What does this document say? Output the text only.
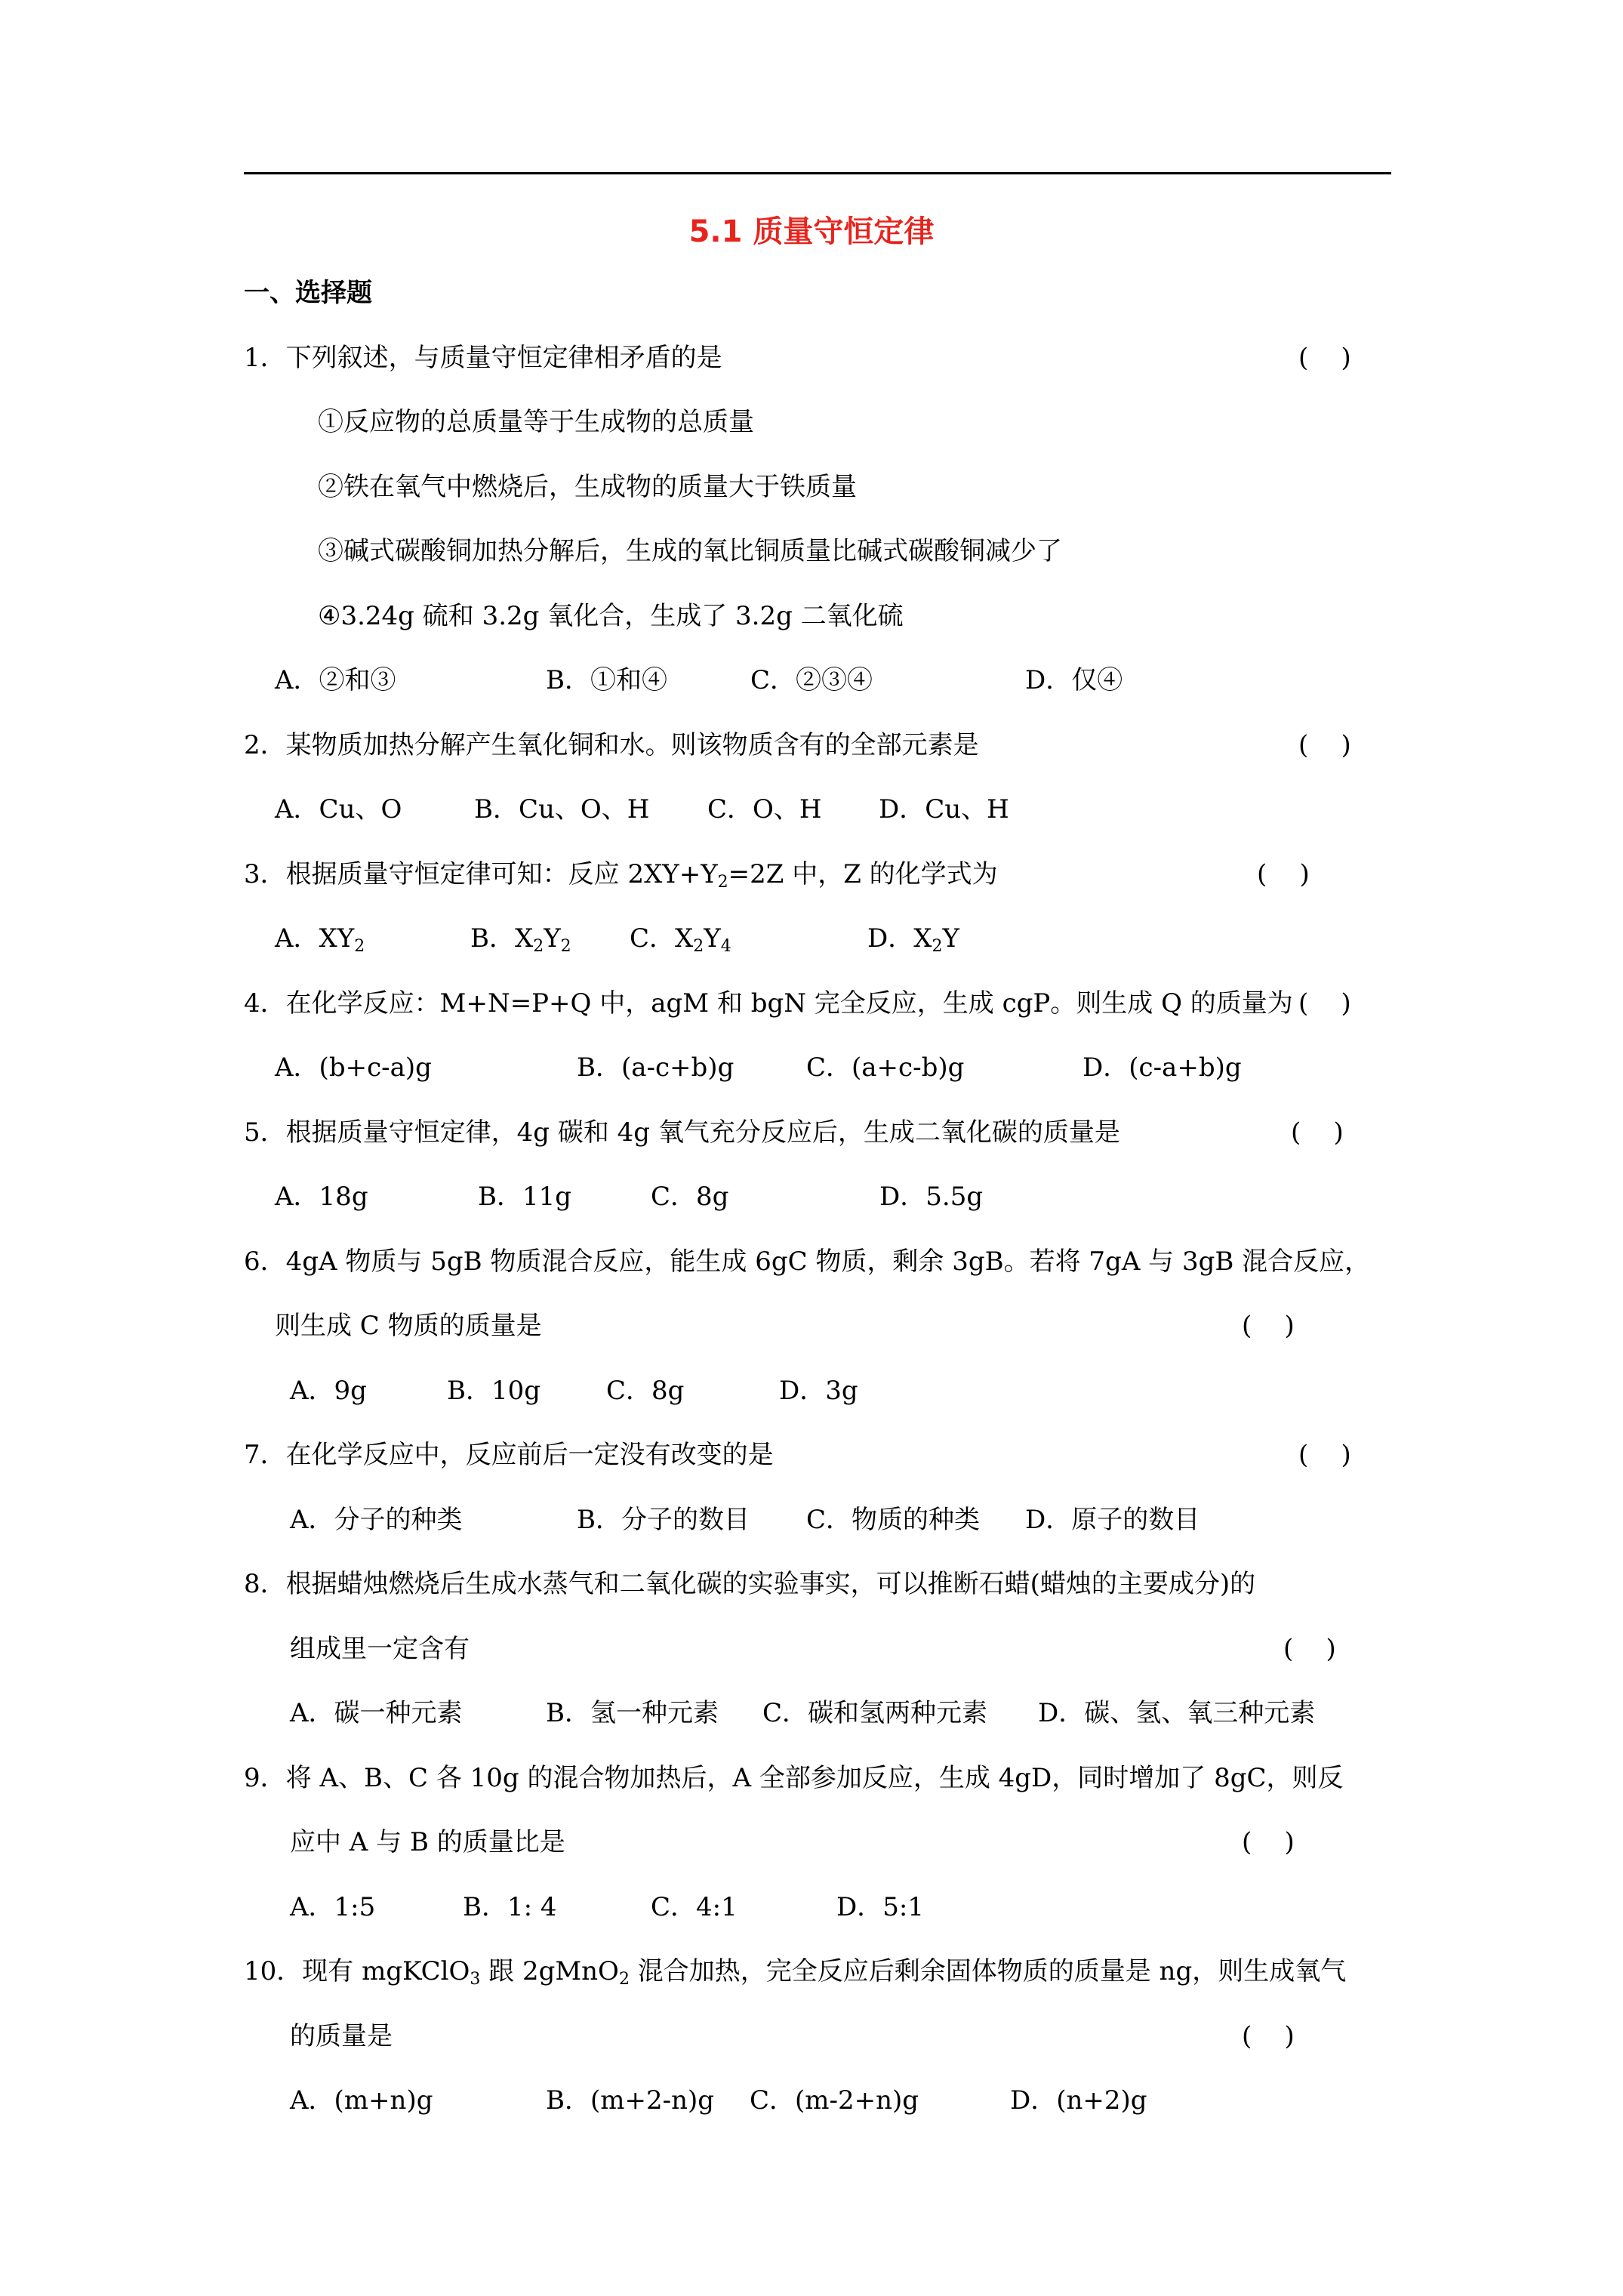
5.1 质量守恒定律
一、选择题
1．下列叙述，与质量守恒定律相矛盾的是	(    )
①反应物的总质量等于生成物的总质量
②铁在氧气中燃烧后，生成物的质量大于铁质量
③碱式碳酸铜加热分解后，生成的氧比铜质量比碱式碳酸铜减少了
④3.24g 硫和 3.2g 氧化合，生成了 3.2g 二氧化硫
A．②和③	B．①和④	C．②③④	D．仅④
2．某物质加热分解产生氧化铜和水。则该物质含有的全部元素是	(    )
A．Cu、O	B．Cu、O、H C．O、H D．Cu、H
3．根据质量守恒定律可知：反应 $2XY+Y_2=2Z$ 中，Z 的化学式为	(    )
A．$XY_2$	B．$X_2Y_2$ C．$X_2Y_4$	D．$X_2Y$
4．在化学反应：M+N=P+Q 中，agM 和 bgN 完全反应，生成 cgP。则生成 Q 的质量为 (    )
A．(b+c-a)g	B．(a-c+b)g	C．(a+c-b)g	D．(c-a+b)g
5．根据质量守恒定律，4g 碳和 4g 氧气充分反应后，生成二氧化碳的质量是	(    )
A．18g	B．11g	C．8g	D．5.5g
6．4gA 物质与 5gB 物质混合反应，能生成 6gC 物质，剩余 3gB。若将 7gA 与 3gB 混合反应，
则生成 C 物质的质量是	(    )
A．9g	B．10g	C．8g	D．3g
7．在化学反应中，反应前后一定没有改变的是	(    )
A．分子的种类	B．分子的数目 C．物质的种类 D．原子的数目
8．根据蜡烛燃烧后生成水蒸气和二氧化碳的实验事实，可以推断石蜡(蜡烛的主要成分)的
组成里一定含有	(    )
A．碳一种元素	B．氢一种元素 C．碳和氢两种元素 D．碳、氢、氧三种元素
9．将 A、B、C 各 10g 的混合物加热后，A 全部参加反应，生成 4gD，同时增加了 8gC，则反
应中 A 与 B 的质量比是	(    )
A．1:5	B．1: 4	C．4:1	D．5:1
10．现有 mgKClO$_3$ 跟 2gMnO$_2$ 混合加热，完全反应后剩余固体物质的质量是 ng，则生成氧气
的质量是	(    )
A．(m+n)g	B．(m+2-n)g C．(m-2+n)g	D．(n+2)g
